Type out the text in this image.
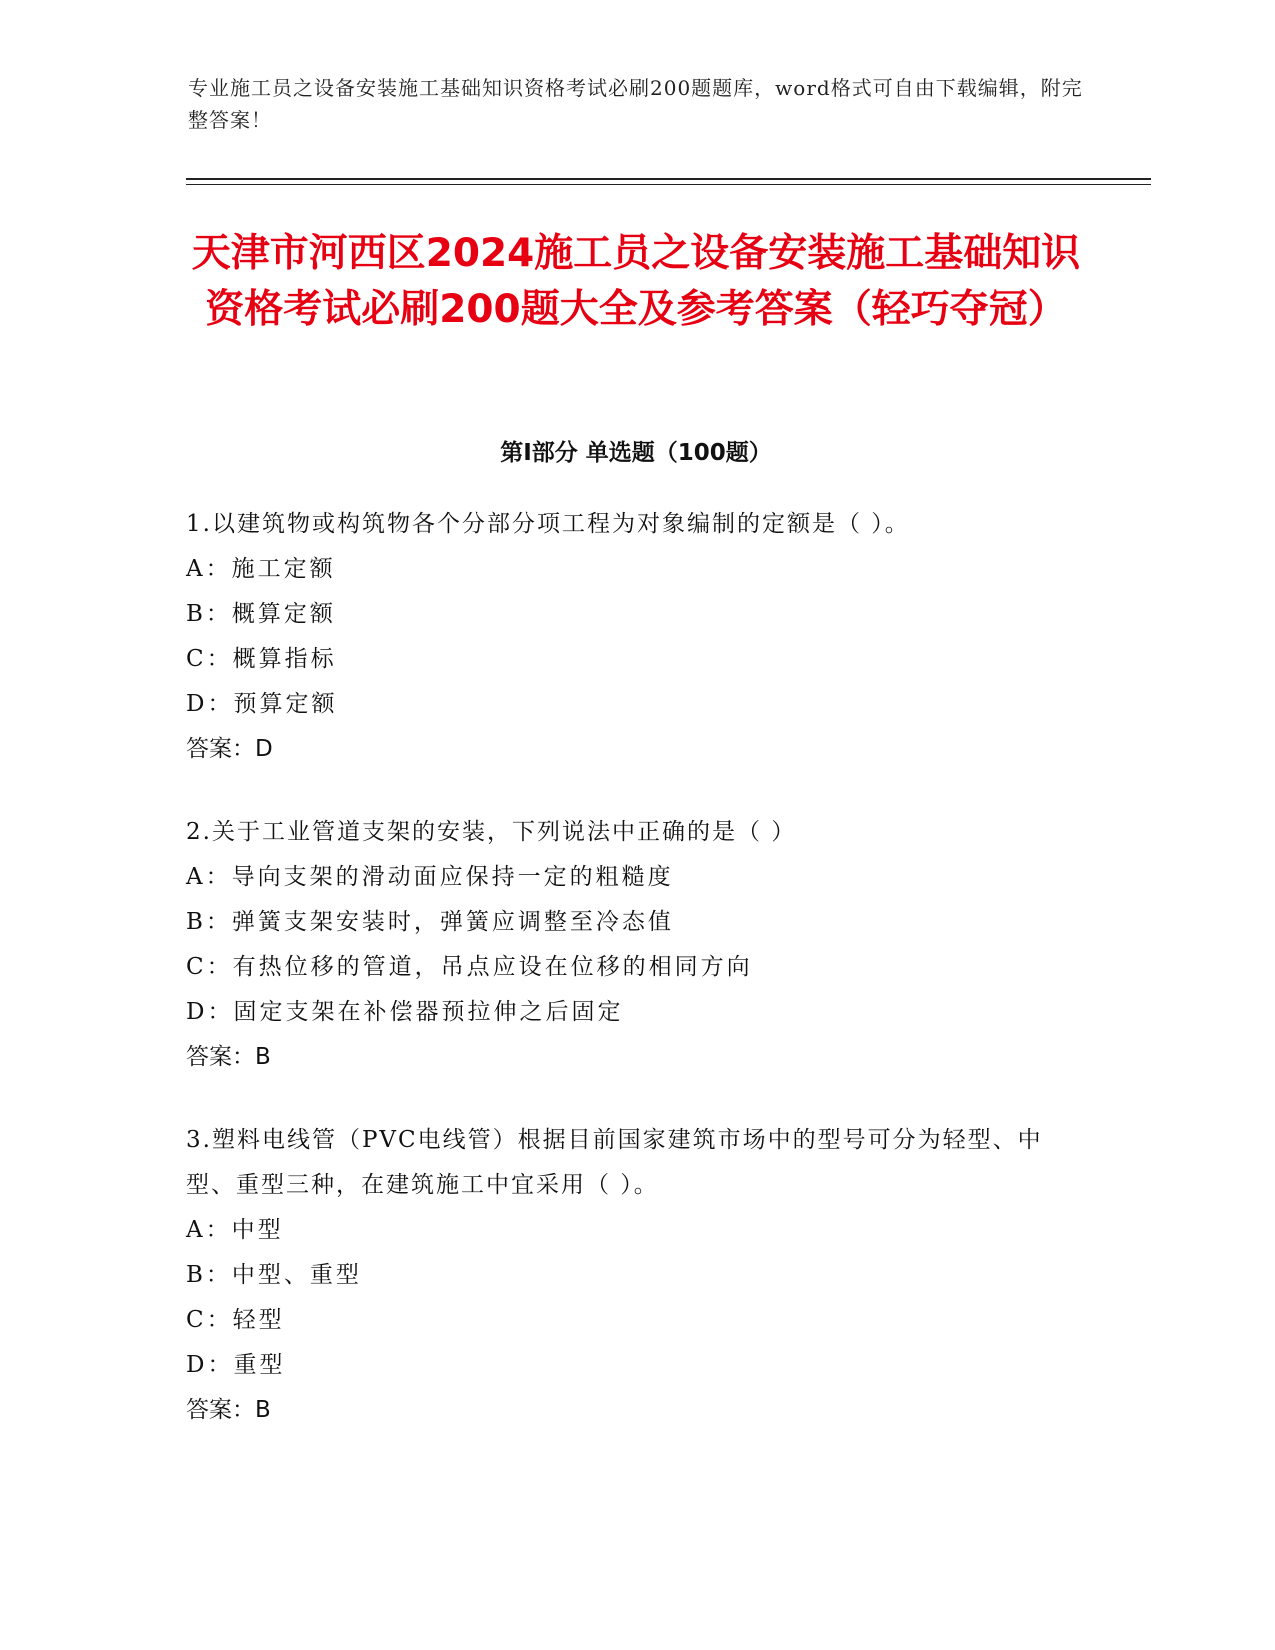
专业施工员之设备安装施工基础知识资格考试必刷200题题库，word格式可自由下载编辑，附完整答案！
天津市河西区2024施工员之设备安装施工基础知识资格考试必刷200题大全及参考答案（轻巧夺冠）
第I部分 单选题（100题）

1.以建筑物或构筑物各个分部分项工程为对象编制的定额是（ ）。

A：施工定额

B：概算定额

C：概算指标

D：预算定额

答案：D

2.关于工业管道支架的安装，下列说法中正确的是（ ）

A：导向支架的滑动面应保持一定的粗糙度

B：弹簧支架安装时，弹簧应调整至冷态值

C：有热位移的管道，吊点应设在位移的相同方向

D：固定支架在补偿器预拉伸之后固定

答案：B

3.塑料电线管（PVC电线管）根据目前国家建筑市场中的型号可分为轻型、中型、重型三种，在建筑施工中宜采用（ ）。

A：中型

B：中型、重型

C：轻型

D：重型

答案：B
